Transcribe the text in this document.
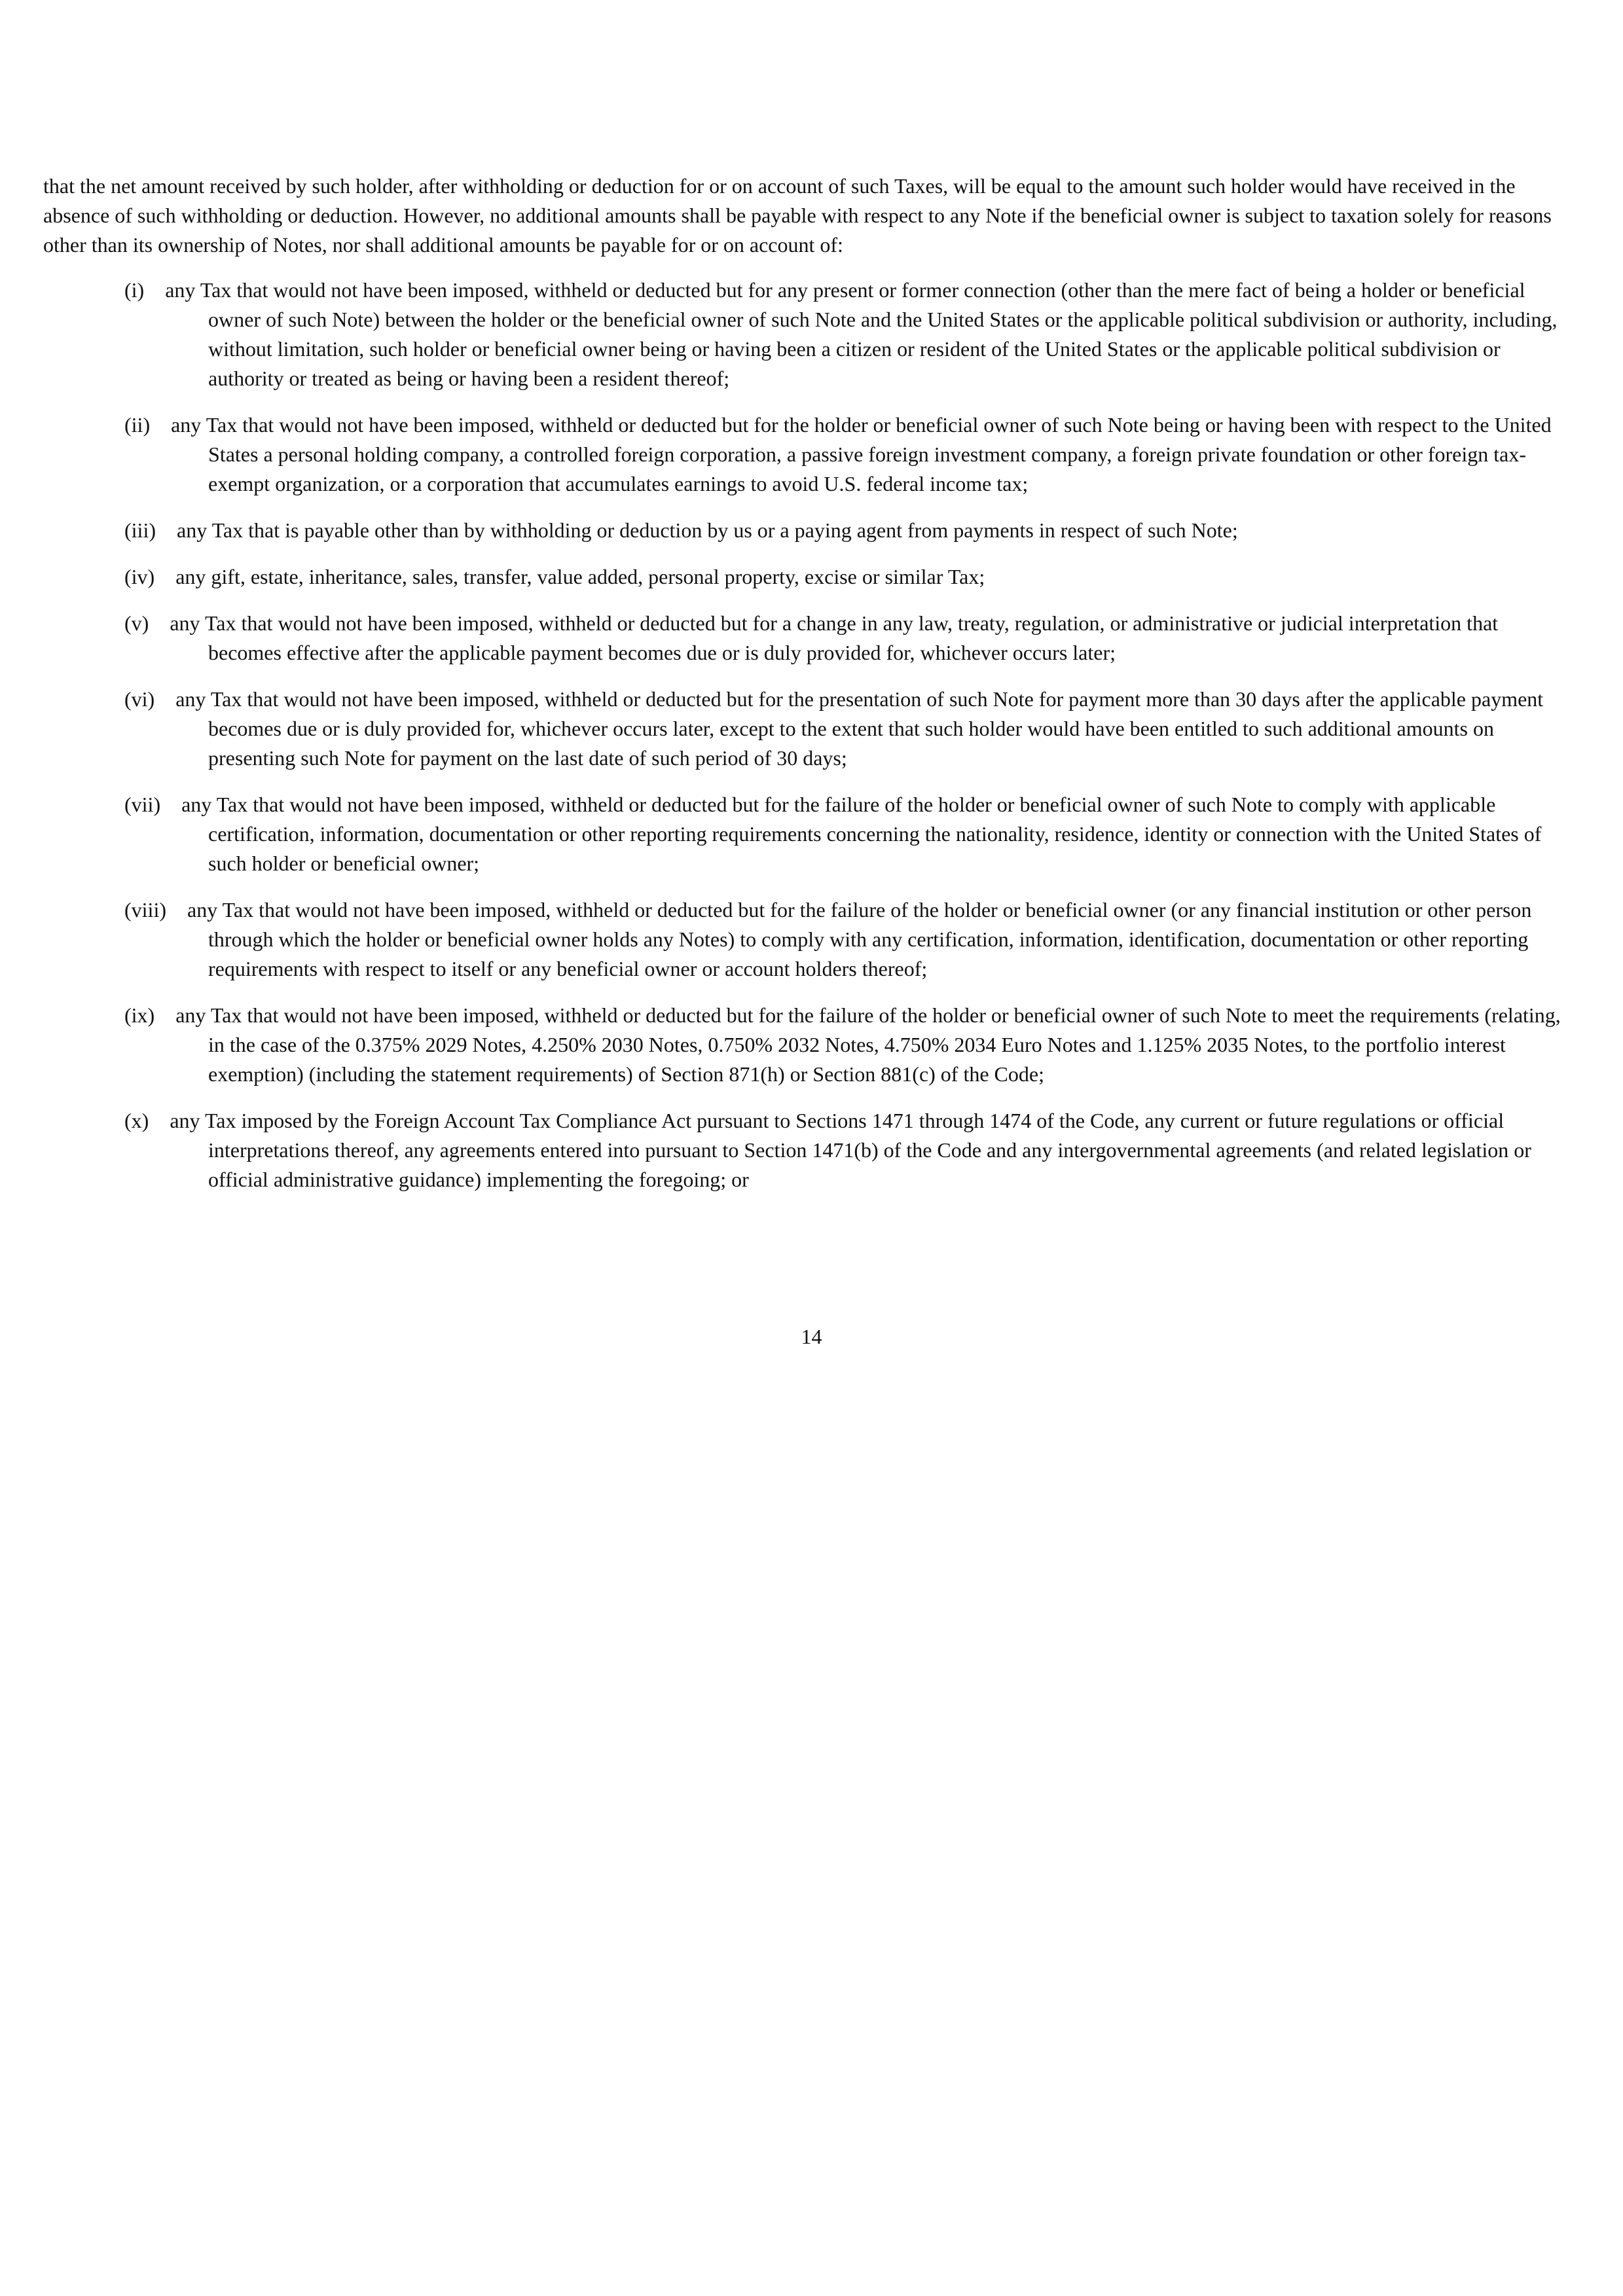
that the net amount received by such holder, after withholding or deduction for or on account of such Taxes, will be equal to the amount such holder would have received in the absence of such withholding or deduction. However, no additional amounts shall be payable with respect to any Note if the beneficial owner is subject to taxation solely for reasons other than its ownership of Notes, nor shall additional amounts be payable for or on account of:

(i) any Tax that would not have been imposed, withheld or deducted but for any present or former connection (other than the mere fact of being a holder or beneficial owner of such Note) between the holder or the beneficial owner of such Note and the United States or the applicable political subdivision or authority, including, without limitation, such holder or beneficial owner being or having been a citizen or resident of the United States or the applicable political subdivision or authority or treated as being or having been a resident thereof;
(ii) any Tax that would not have been imposed, withheld or deducted but for the holder or beneficial owner of such Note being or having been with respect to the United States a personal holding company, a controlled foreign corporation, a passive foreign investment company, a foreign private foundation or other foreign tax-exempt organization, or a corporation that accumulates earnings to avoid U.S. federal income tax;
(iii) any Tax that is payable other than by withholding or deduction by us or a paying agent from payments in respect of such Note;
(iv) any gift, estate, inheritance, sales, transfer, value added, personal property, excise or similar Tax;
(v) any Tax that would not have been imposed, withheld or deducted but for a change in any law, treaty, regulation, or administrative or judicial interpretation that becomes effective after the applicable payment becomes due or is duly provided for, whichever occurs later;
(vi) any Tax that would not have been imposed, withheld or deducted but for the presentation of such Note for payment more than 30 days after the applicable payment becomes due or is duly provided for, whichever occurs later, except to the extent that such holder would have been entitled to such additional amounts on presenting such Note for payment on the last date of such period of 30 days;
(vii) any Tax that would not have been imposed, withheld or deducted but for the failure of the holder or beneficial owner of such Note to comply with applicable certification, information, documentation or other reporting requirements concerning the nationality, residence, identity or connection with the United States of such holder or beneficial owner;
(viii) any Tax that would not have been imposed, withheld or deducted but for the failure of the holder or beneficial owner (or any financial institution or other person through which the holder or beneficial owner holds any Notes) to comply with any certification, information, identification, documentation or other reporting requirements with respect to itself or any beneficial owner or account holders thereof;
(ix) any Tax that would not have been imposed, withheld or deducted but for the failure of the holder or beneficial owner of such Note to meet the requirements (relating, in the case of the 0.375% 2029 Notes, 4.250% 2030 Notes, 0.750% 2032 Notes, 4.750% 2034 Euro Notes and 1.125% 2035 Notes, to the portfolio interest exemption) (including the statement requirements) of Section 871(h) or Section 881(c) of the Code;
(x) any Tax imposed by the Foreign Account Tax Compliance Act pursuant to Sections 1471 through 1474 of the Code, any current or future regulations or official interpretations thereof, any agreements entered into pursuant to Section 1471(b) of the Code and any intergovernmental agreements (and related legislation or official administrative guidance) implementing the foregoing; or
14
